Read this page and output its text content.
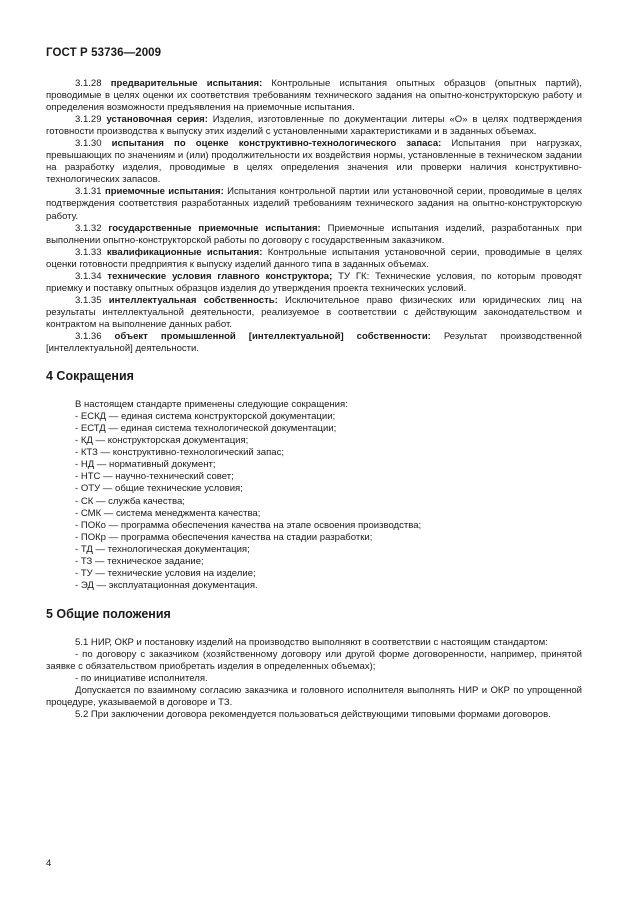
ГОСТ Р 53736—2009

3.1.28 предварительные испытания: Контрольные испытания опытных образцов (опытных партий), проводимые в целях оценки их соответствия требованиям технического задания на опытно-конструкторскую работу и определения возможности предъявления на приемочные испытания.

3.1.29 установочная серия: Изделия, изготовленные по документации литеры «О» в целях подтверждения готовности производства к выпуску этих изделий с установленными характеристиками и в заданных объемах.

3.1.30 испытания по оценке конструктивно-технологического запаса: Испытания при нагрузках, превышающих по значениям и (или) продолжительности их воздействия нормы, установленные в техническом задании на разработку изделия, проводимые в целях определения значения или проверки наличия конструктивно-технологических запасов.

3.1.31 приемочные испытания: Испытания контрольной партии или установочной серии, проводимые в целях подтверждения соответствия разработанных изделий требованиям технического задания на опытно-конструкторскую работу.

3.1.32 государственные приемочные испытания: Приемочные испытания изделий, разработанных при выполнении опытно-конструкторской работы по договору с государственным заказчиком.

3.1.33 квалификационные испытания: Контрольные испытания установочной серии, проводимые в целях оценки готовности предприятия к выпуску изделий данного типа в заданных объемах.

3.1.34 технические условия главного конструктора; ТУ ГК: Технические условия, по которым проводят приемку и поставку опытных образцов изделия до утверждения проекта технических условий.

3.1.35 интеллектуальная собственность: Исключительное право физических или юридических лиц на результаты интеллектуальной деятельности, реализуемое в соответствии с действующим законодательством и контрактом на выполнение данных работ.

3.1.36 объект промышленной [интеллектуальной] собственности: Результат производственной [интеллектуальной] деятельности.

4 Сокращения

В настоящем стандарте применены следующие сокращения:

- ЕСКД — единая система конструкторской документации;
- ЕСТД — единая система технологической документации;
- КД — конструкторская документация;
- КТЗ — конструктивно-технологический запас;
- НД — нормативный документ;
- НТС — научно-технический совет;
- ОТУ — общие технические условия;
- СК — служба качества;
- СМК — система менеджмента качества;
- ПОКо — программа обеспечения качества на этапе освоения производства;
- ПОКр — программа обеспечения качества на стадии разработки;
- ТД — технологическая документация;
- ТЗ — техническое задание;
- ТУ — технические условия на изделие;
- ЭД — эксплуатационная документация.
5 Общие положения

5.1 НИР, ОКР и постановку изделий на производство выполняют в соответствии с настоящим стандартом:

- по договору с заказчиком (хозяйственному договору или другой форме договоренности, например, принятой заявке с обязательством приобретать изделия в определенных объемах);

- по инициативе исполнителя.

Допускается по взаимному согласию заказчика и головного исполнителя выполнять НИР и ОКР по упрощенной процедуре, указываемой в договоре и ТЗ.

5.2 При заключении договора рекомендуется пользоваться действующими типовыми формами договоров.

4
